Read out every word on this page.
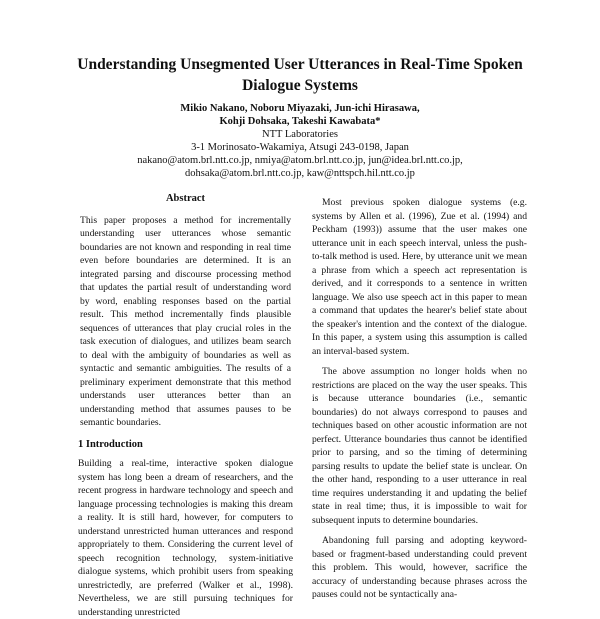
Understanding Unsegmented User Utterances in Real-Time Spoken Dialogue Systems
Mikio Nakano, Noboru Miyazaki, Jun-ichi Hirasawa,
Kohji Dohsaka, Takeshi Kawabata*
NTT Laboratories
3-1 Morinosato-Wakamiya, Atsugi 243-0198, Japan
nakano@atom.brl.ntt.co.jp, nmiya@atom.brl.ntt.co.jp, jun@idea.brl.ntt.co.jp,
dohsaka@atom.brl.ntt.co.jp, kaw@nttspch.hil.ntt.co.jp
Abstract
This paper proposes a method for incrementally understanding user utterances whose semantic boundaries are not known and responding in real time even before boundaries are determined. It is an integrated parsing and discourse processing method that updates the partial result of understanding word by word, enabling responses based on the partial result. This method incrementally finds plausible sequences of utterances that play crucial roles in the task execution of dialogues, and utilizes beam search to deal with the ambiguity of boundaries as well as syntactic and semantic ambiguities. The results of a preliminary experiment demonstrate that this method understands user utterances better than an understanding method that assumes pauses to be semantic boundaries.
1 Introduction
Building a real-time, interactive spoken dialogue system has long been a dream of researchers, and the recent progress in hardware technology and speech and language processing technologies is making this dream a reality. It is still hard, however, for computers to understand unrestricted human utterances and respond appropriately to them. Considering the current level of speech recognition technology, system-initiative dialogue systems, which prohibit users from speaking unrestrictedly, are preferred (Walker et al., 1998). Nevertheless, we are still pursuing techniques for understanding unrestricted

Most previous spoken dialogue systems (e.g. systems by Allen et al. (1996), Zue et al. (1994) and Peckham (1993)) assume that the user makes one utterance unit in each speech interval, unless the push-to-talk method is used. Here, by utterance unit we mean a phrase from which a speech act representation is derived, and it corresponds to a sentence in written language. We also use speech act in this paper to mean a command that updates the hearer's belief state about the speaker's intention and the context of the dialogue. In this paper, a system using this assumption is called an interval-based system.

The above assumption no longer holds when no restrictions are placed on the way the user speaks. This is because utterance boundaries (i.e., semantic boundaries) do not always correspond to pauses and techniques based on other acoustic information are not perfect. Utterance boundaries thus cannot be identified prior to parsing, and so the timing of determining parsing results to update the belief state is unclear. On the other hand, responding to a user utterance in real time requires understanding it and updating the belief state in real time; thus, it is impossible to wait for subsequent inputs to determine boundaries.

Abandoning full parsing and adopting keyword-based or fragment-based understanding could prevent this problem. This would, however, sacrifice the accuracy of understanding because phrases across the pauses could not be syntactically ana-
